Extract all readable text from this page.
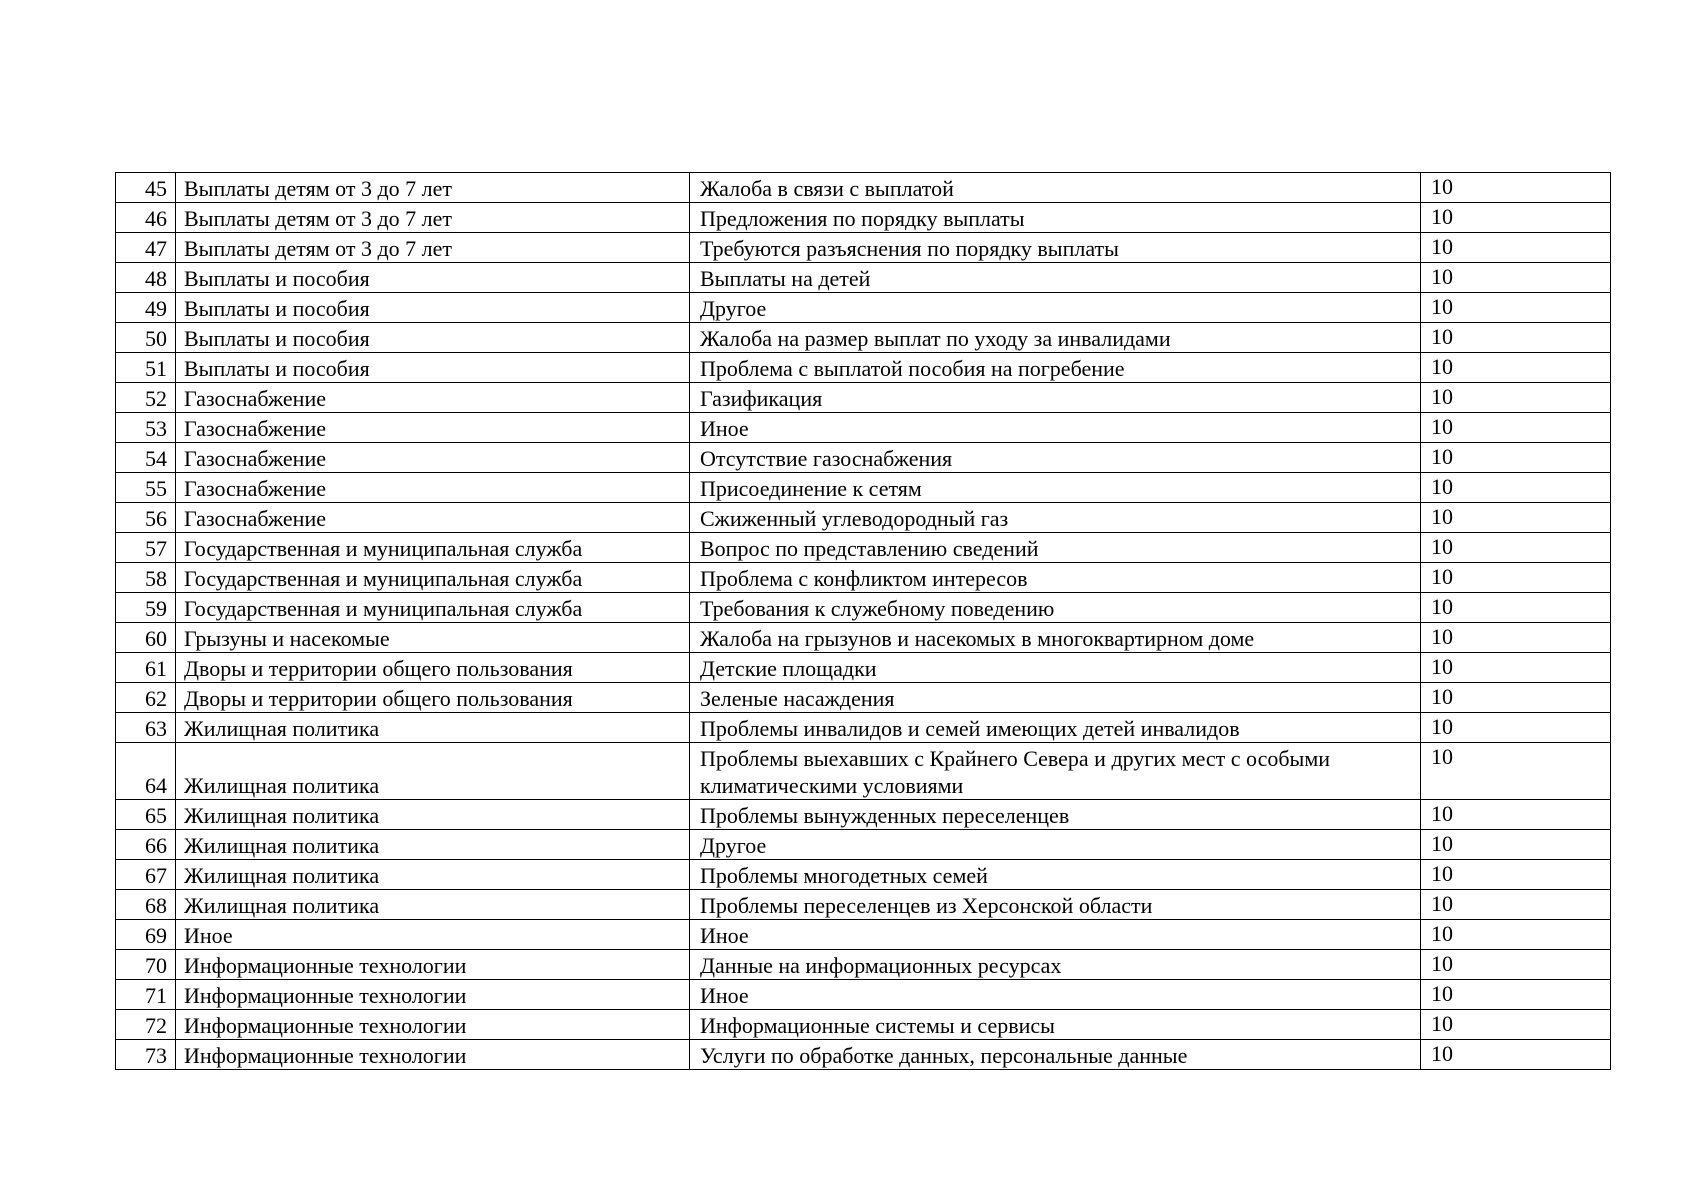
45	Выплаты детям от 3 до 7 лет	Жалоба в связи с выплатой	10
46	Выплаты детям от 3 до 7 лет	Предложения по порядку выплаты	10
47	Выплаты детям от 3 до 7 лет	Требуются разъяснения по порядку выплаты	10
48	Выплаты и пособия	Выплаты на детей	10
49	Выплаты и пособия	Другое	10
50	Выплаты и пособия	Жалоба на размер выплат по уходу за инвалидами	10
51	Выплаты и пособия	Проблема с выплатой пособия на погребение	10
52	Газоснабжение	Газификация	10
53	Газоснабжение	Иное	10
54	Газоснабжение	Отсутствие газоснабжения	10
55	Газоснабжение	Присоединение к сетям	10
56	Газоснабжение	Сжиженный углеводородный газ	10
57	Государственная и муниципальная служба	Вопрос по представлению сведений	10
58	Государственная и муниципальная служба	Проблема с конфликтом интересов	10
59	Государственная и муниципальная служба	Требования к служебному поведению	10
60	Грызуны и насекомые	Жалоба на грызунов и насекомых в многоквартирном доме	10
61	Дворы и территории общего пользования	Детские площадки	10
62	Дворы и территории общего пользования	Зеленые насаждения	10
63	Жилищная политика	Проблемы инвалидов и семей имеющих детей инвалидов	10
64	Жилищная политика	Проблемы выехавших с Крайнего Севера и других мест с особыми климатическими условиями	10
65	Жилищная политика	Проблемы вынужденных переселенцев	10
66	Жилищная политика	Другое	10
67	Жилищная политика	Проблемы многодетных семей	10
68	Жилищная политика	Проблемы переселенцев из Херсонской области	10
69	Иное	Иное	10
70	Информационные технологии	Данные на информационных ресурсах	10
71	Информационные технологии	Иное	10
72	Информационные технологии	Информационные системы и сервисы	10
73	Информационные технологии	Услуги по обработке данных, персональные данные	10
